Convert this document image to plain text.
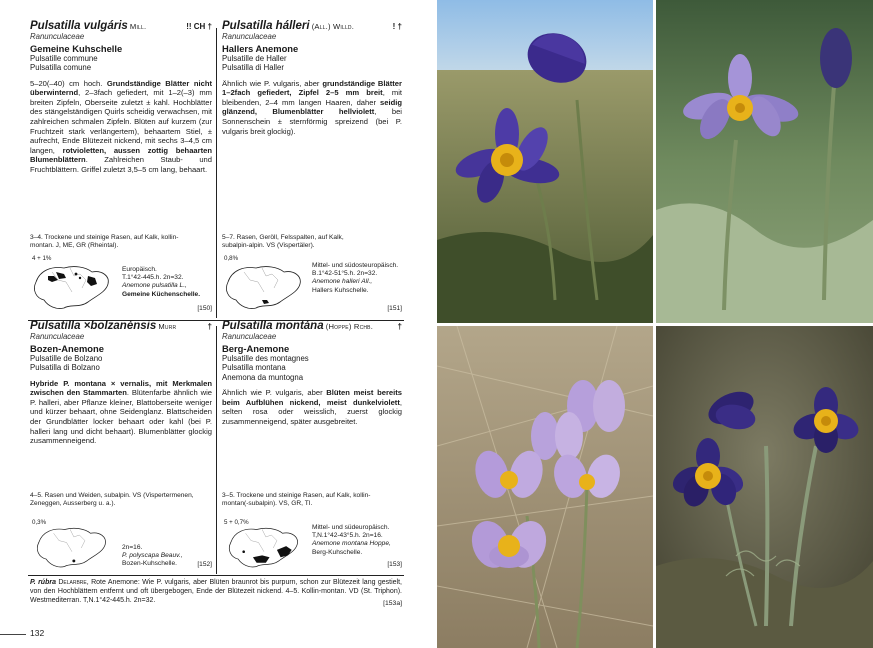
Pulsatilla vulgáris Mill.	!! CH †
Ranunculaceae
Gemeine Kuhschelle
Pulsatille commune
Pulsatilla comune
5–20(–40) cm hoch. Grundständige Blätter nicht überwinternd, 2–3fach gefiedert, mit 1–2(–3) mm breiten Zipfeln, Oberseite zuletzt ± kahl. Hochblätter des stängelständigen Quirls scheidig verwachsen, mit zahlreichen schmalen Zipfeln. Blüten auf kurzem (zur Fruchtzeit stark verlängertem), behaartem Stiel, ± aufrecht, Ende Blütezeit nickend, mit sechs 3–4,5 cm langen, rotvioletten, aussen zottig behaarten Blumenblättern. Zahlreichen Staub- und Fruchtblättern. Griffel zuletzt 3,5–5 cm lang, behaart.
3–4. Trockene und steinige Rasen, auf Kalk, kollin-montan. J, ME, GR (Rheintal).
4 + 1%
Europäisch.
T.1°42-445.h. 2n=32.
Anemone pulsatilla L.,
Gemeine Küchenschelle.
[150]
Pulsatilla hálleri (All.) Willd.	! †
Ranunculaceae
Hallers Anemone
Pulsatille de Haller
Pulsatilla di Haller
Ähnlich wie P. vulgaris, aber grundständige Blätter 1–2fach gefiedert, Zipfel 2–5 mm breit, mit bleibenden, 2–4 mm langen Haaren, daher seidig glänzend, Blumenblätter hellviolett, bei Sonnenschein ± sternförmig spreizend (bei P. vulgaris breit glockig).
5–7. Rasen, Geröll, Felsspalten, auf Kalk, subalpin-alpin. VS (Vispertäler).
0,8%
Mittel- und südosteuropäisch.
B.1°42-51°5.h. 2n=32.
Anemone halleri All.,
Hallers Kuhschelle.
[151]
Pulsatilla ×bolzanénsis Murr	†
Ranunculaceae
Bozen-Anemone
Pulsatille de Bolzano
Pulsatilla di Bolzano
Hybride P. montana × vernalis, mit Merkmalen zwischen den Stammarten. Blütenfarbe ähnlich wie P. halleri, aber Pflanze kleiner, Blattoberseite weniger und kürzer behaart, ohne Seidenglanz. Blattscheiden der Grundblätter locker behaart oder kahl (bei P. halleri lang und dicht behaart). Blumenblätter glockig zusammenneigend.
4–5. Rasen und Weiden, subalpin. VS (Vispertermenen, Zeneggen, Ausserberg u. a.).
0,3%
2n=16.
P. polyscapa Beauv.,
Bozen-Kuhschelle.	[152]
Pulsatilla montána (Hoppe) Rchb.	†
Ranunculaceae
Berg-Anemone
Pulsatille des montagnes
Pulsatilla montana
Anemona da muntogna
Ähnlich wie P. vulgaris, aber Blüten meist bereits beim Aufblühen nickend, meist dunkelviolett, selten rosa oder weisslich, zuerst glockig zusammenneigend, später ausgebreitet.
3–5. Trockene und steinige Rasen, auf Kalk, kollin-montan(-subalpin). VS, GR, TI.
5 + 0,7%
Mittel- und südeuropäisch.
T,N.1°42-43°5.h. 2n=16.
Anemone montana Hoppe,
Berg-Kuhschelle.
[153]
P. rúbra Delarbre, Rote Anemone: Wie P. vulgaris, aber Blüten braunrot bis purpurn, schon zur Blütezeit lang gestielt, von den Hochblättern entfernt und oft übergebogen, Ende der Blütezeit nickend. 4–5. Kollin-montan. VD (St. Triphon). Westmediterran. T,N.1°42-445.h. 2n=32.	[153a]
132
